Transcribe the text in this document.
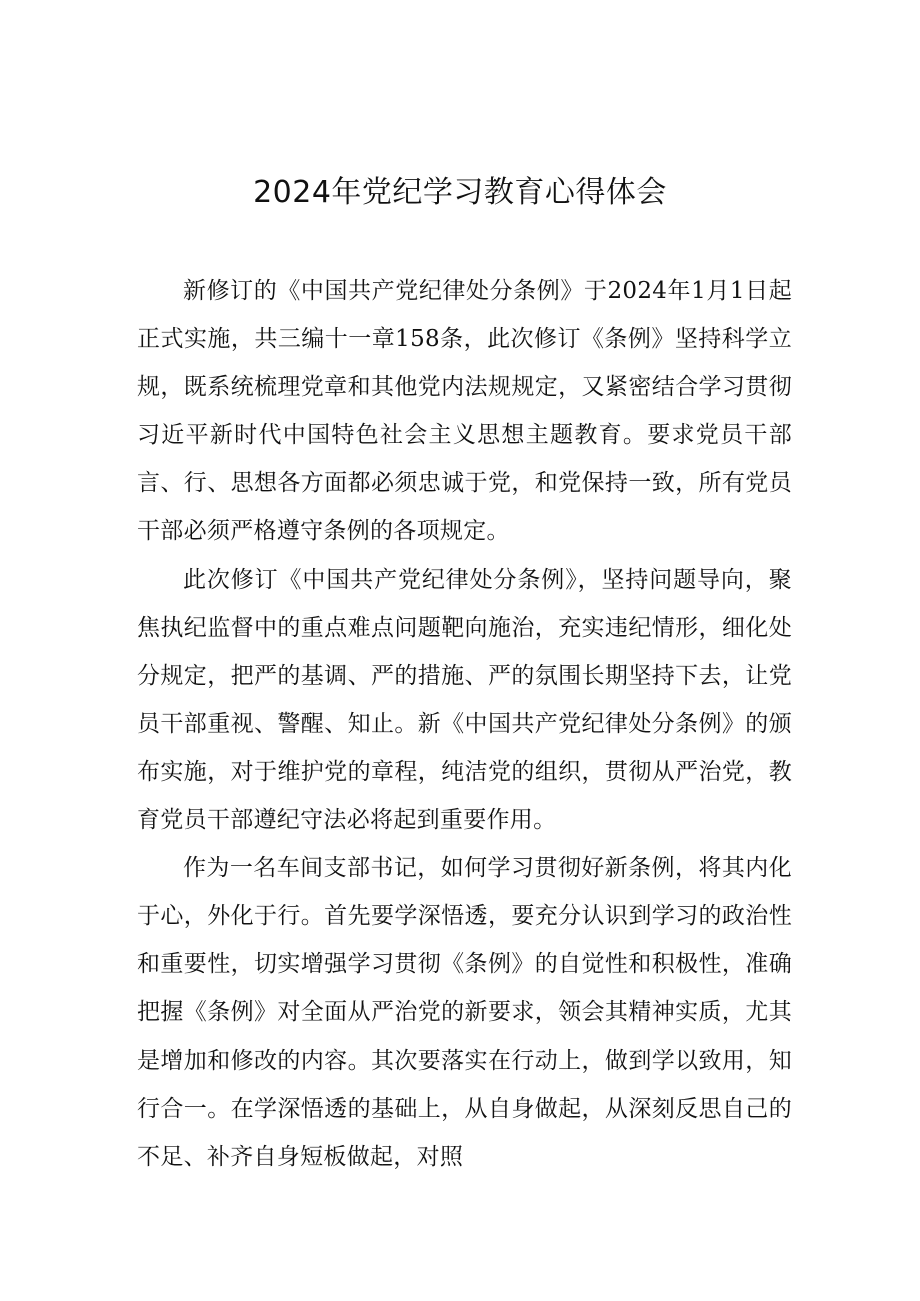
2024年党纪学习教育心得体会

新修订的《中国共产党纪律处分条例》于2024年1月1日起正式实施，共三编十一章158条，此次修订《条例》坚持科学立规，既系统梳理党章和其他党内法规规定，又紧密结合学习贯彻习近平新时代中国特色社会主义思想主题教育。要求党员干部言、行、思想各方面都必须忠诚于党，和党保持一致，所有党员干部必须严格遵守条例的各项规定。

此次修订《中国共产党纪律处分条例》，坚持问题导向，聚焦执纪监督中的重点难点问题靶向施治，充实违纪情形，细化处分规定，把严的基调、严的措施、严的氛围长期坚持下去，让党员干部重视、警醒、知止。新《中国共产党纪律处分条例》的颁布实施，对于维护党的章程，纯洁党的组织，贯彻从严治党，教育党员干部遵纪守法必将起到重要作用。

作为一名车间支部书记，如何学习贯彻好新条例，将其内化于心，外化于行。首先要学深悟透，要充分认识到学习的政治性和重要性，切实增强学习贯彻《条例》的自觉性和积极性，准确把握《条例》对全面从严治党的新要求，领会其精神实质，尤其是增加和修改的内容。其次要落实在行动上，做到学以致用，知行合一。在学深悟透的基础上，从自身做起，从深刻反思自己的不足、补齐自身短板做起，对照
